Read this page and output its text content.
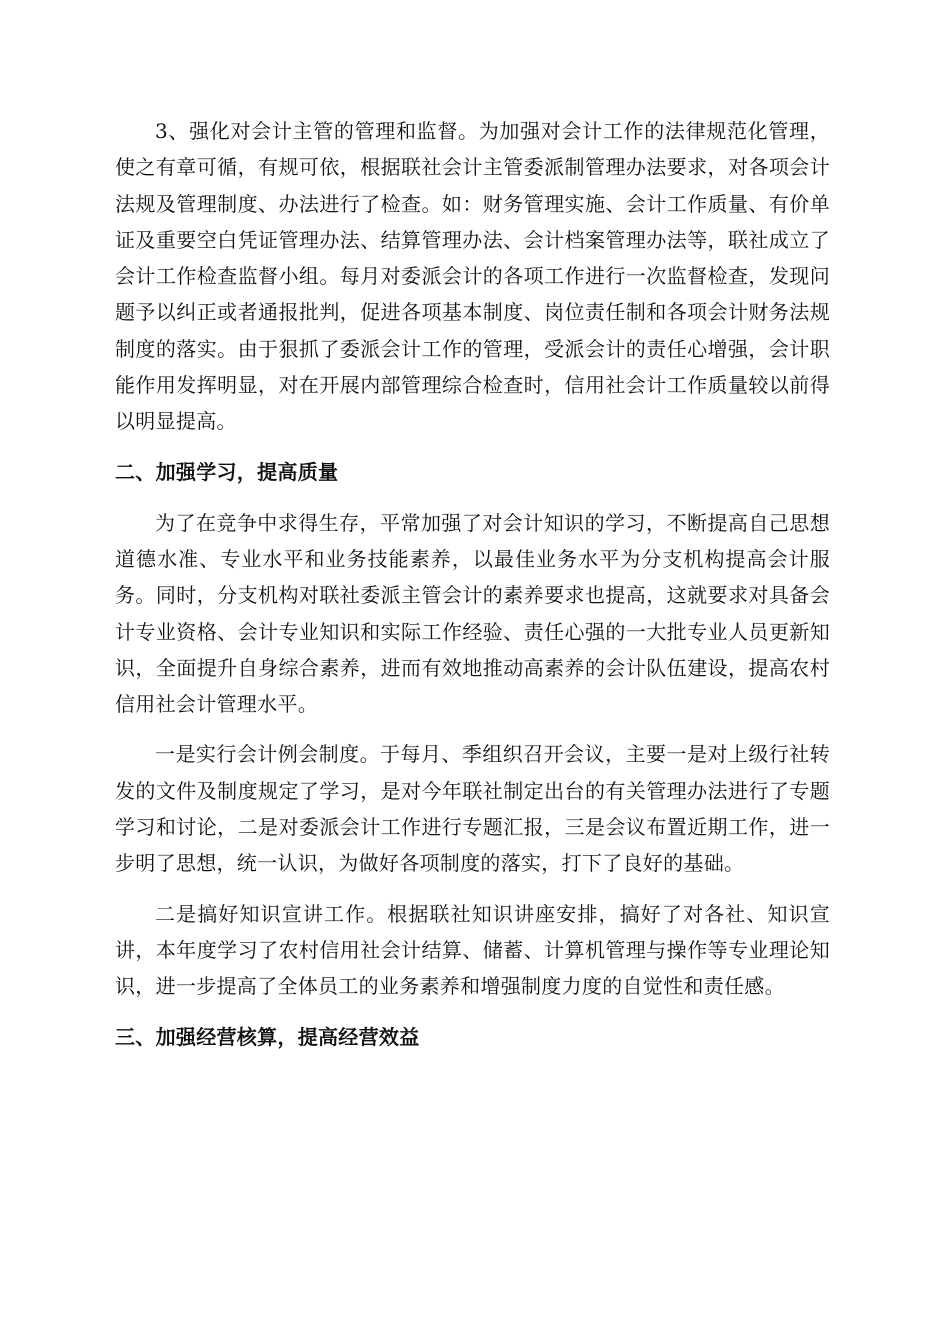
3、强化对会计主管的管理和监督。为加强对会计工作的法律规范化管理，使之有章可循，有规可依，根据联社会计主管委派制管理办法要求，对各项会计法规及管理制度、办法进行了检查。如：财务管理实施、会计工作质量、有价单证及重要空白凭证管理办法、结算管理办法、会计档案管理办法等，联社成立了会计工作检查监督小组。每月对委派会计的各项工作进行一次监督检查，发现问题予以纠正或者通报批判，促进各项基本制度、岗位责任制和各项会计财务法规制度的落实。由于狠抓了委派会计工作的管理，受派会计的责任心增强，会计职能作用发挥明显，对在开展内部管理综合检查时，信用社会计工作质量较以前得以明显提高。

二、加强学习，提高质量

为了在竞争中求得生存，平常加强了对会计知识的学习，不断提高自己思想道德水准、专业水平和业务技能素养，以最佳业务水平为分支机构提高会计服务。同时，分支机构对联社委派主管会计的素养要求也提高，这就要求对具备会计专业资格、会计专业知识和实际工作经验、责任心强的一大批专业人员更新知识，全面提升自身综合素养，进而有效地推动高素养的会计队伍建设，提高农村信用社会计管理水平。

一是实行会计例会制度。于每月、季组织召开会议，主要一是对上级行社转发的文件及制度规定了学习，是对今年联社制定出台的有关管理办法进行了专题学习和讨论，二是对委派会计工作进行专题汇报，三是会议布置近期工作，进一步明了思想，统一认识，为做好各项制度的落实，打下了良好的基础。

二是搞好知识宣讲工作。根据联社知识讲座安排，搞好了对各社、知识宣讲，本年度学习了农村信用社会计结算、储蓄、计算机管理与操作等专业理论知识，进一步提高了全体员工的业务素养和增强制度力度的自觉性和责任感。

三、加强经营核算，提高经营效益
